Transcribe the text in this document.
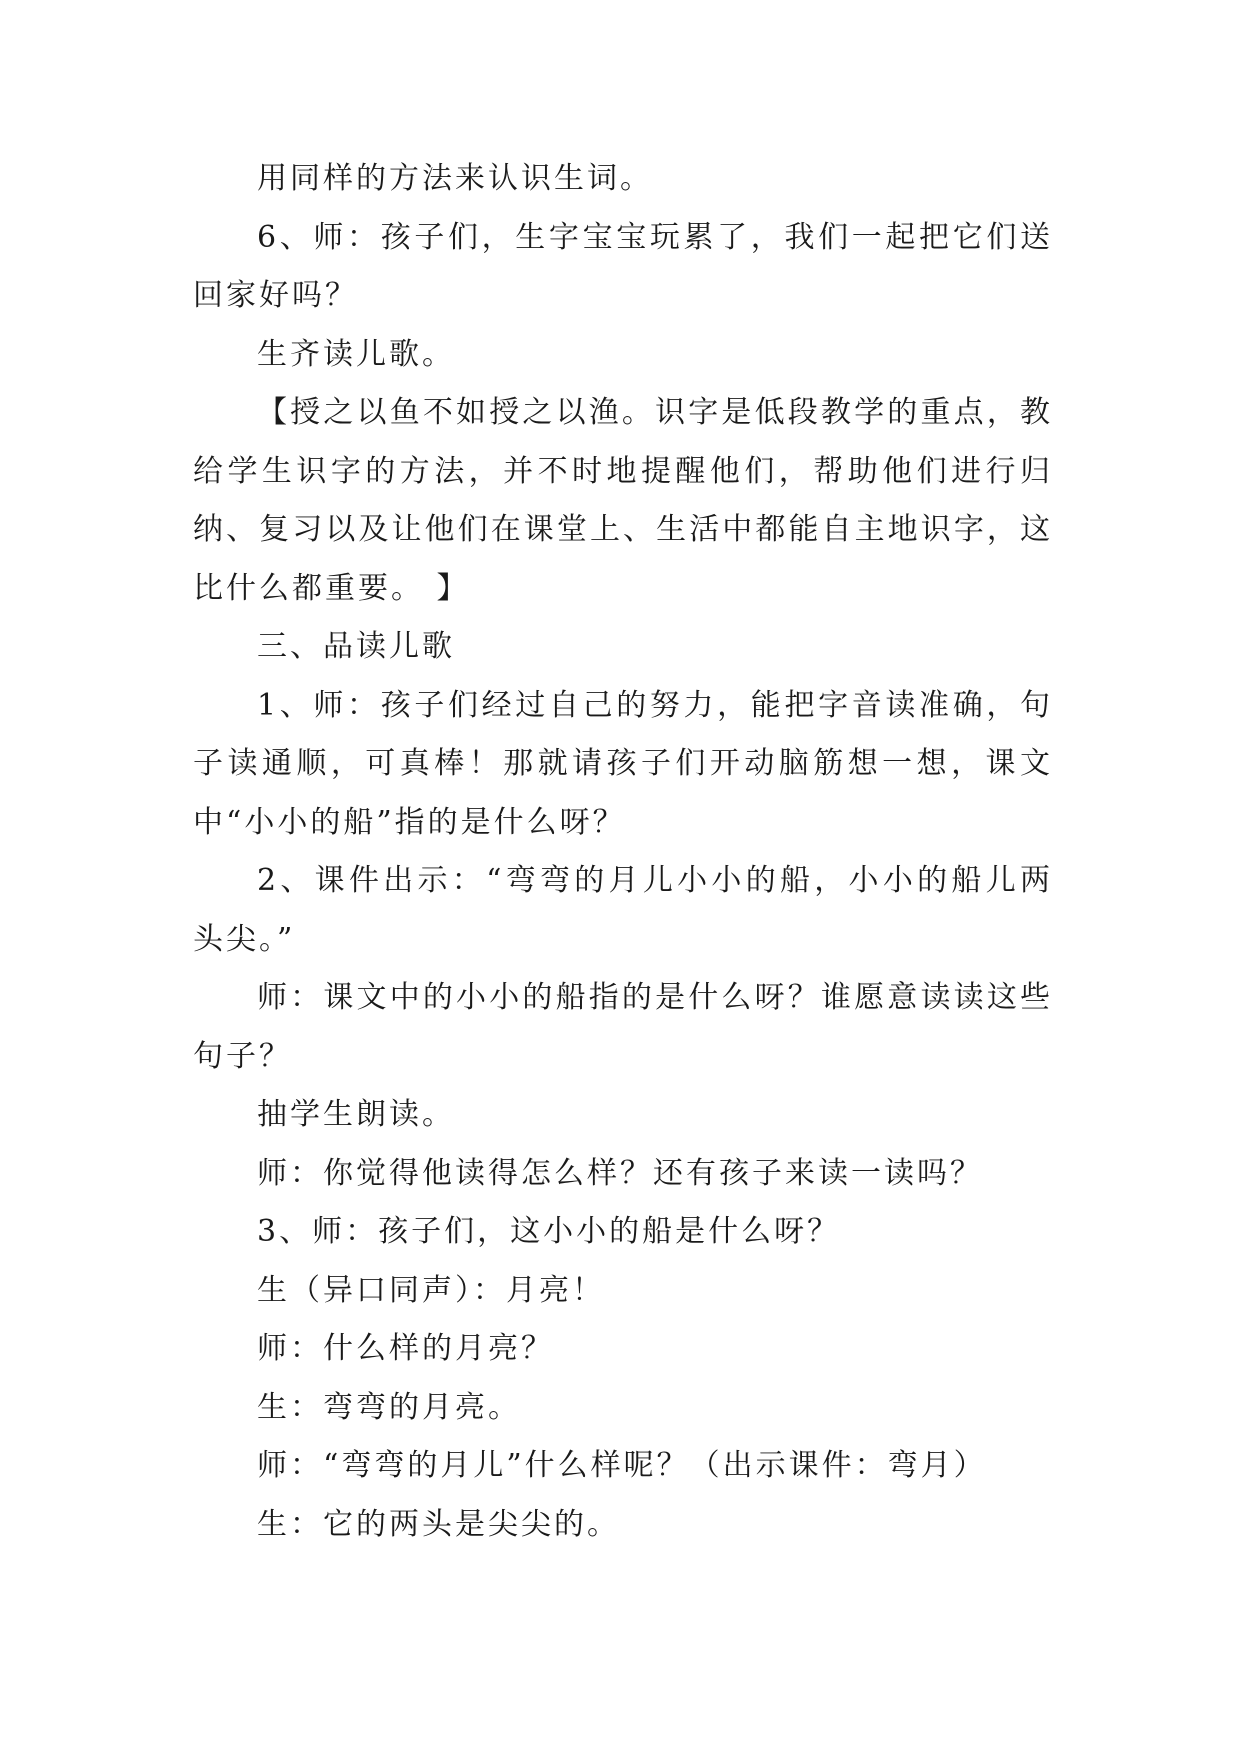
用同样的方法来认识生词。

6、师：孩子们，生字宝宝玩累了，我们一起把它们送回家好吗？

生齐读儿歌。

【授之以鱼不如授之以渔。识字是低段教学的重点，教给学生识字的方法，并不时地提醒他们，帮助他们进行归纳、复习以及让他们在课堂上、生活中都能自主地识字，这比什么都重要。 】

三、品读儿歌

1、师：孩子们经过自己的努力，能把字音读准确，句子读通顺，可真棒！那就请孩子们开动脑筋想一想，课文中“小小的船”指的是什么呀？

2、课件出示：“弯弯的月儿小小的船，小小的船儿两头尖。”

师：课文中的小小的船指的是什么呀？谁愿意读读这些句子？

抽学生朗读。

师：你觉得他读得怎么样？还有孩子来读一读吗？

3、师：孩子们，这小小的船是什么呀？

生（异口同声）：月亮！

师：什么样的月亮？

生：弯弯的月亮。

师：“弯弯的月儿”什么样呢？（出示课件：弯月）

生：它的两头是尖尖的。
